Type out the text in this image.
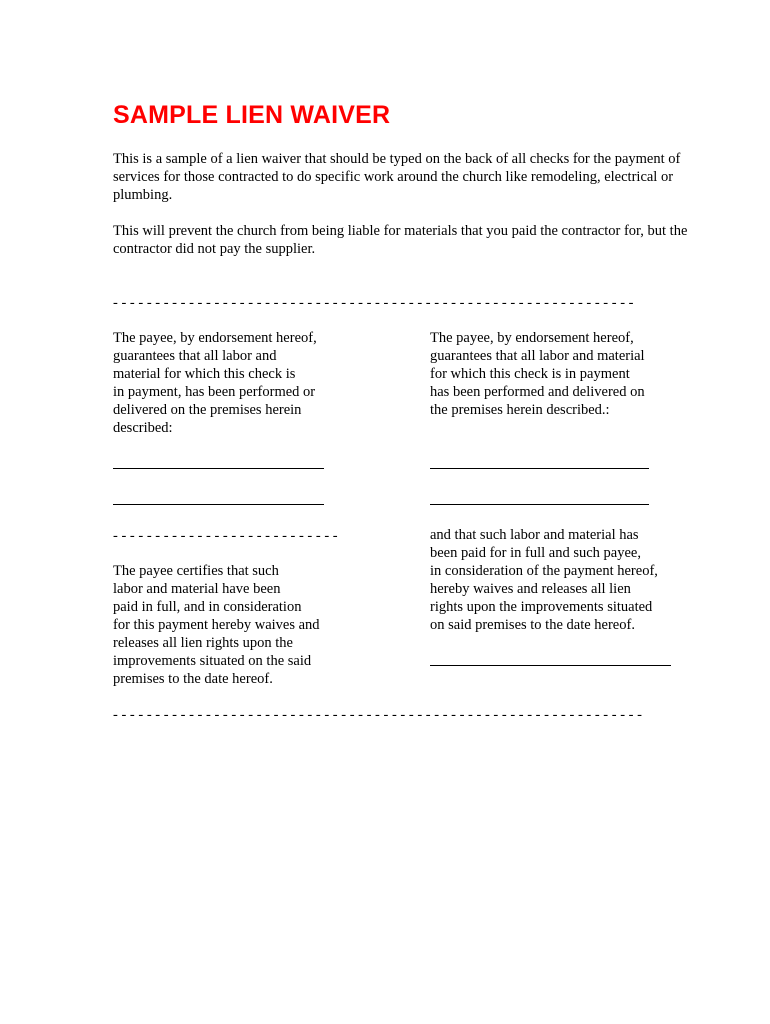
SAMPLE LIEN WAIVER

This is a sample of a lien waiver that should be typed on the back of all checks for the payment of services for those contracted to do specific work around the church like remodeling, electrical or plumbing.

This will prevent the church from being liable for materials that you paid the contractor for, but the contractor did not pay the supplier.

- - - - - - - - - - - - - - - - - - - - - - - - - - - - - - - - - - - - - - - - - - - - - - - - - - - - - - - - - - - - - -
The payee, by endorsement hereof,
guarantees that all labor and
material for which this check is
in payment, has been performed or
delivered on the premises herein
described:
The payee, by endorsement hereof,
guarantees that all labor and material
for which this check is in payment
has been performed and delivered on
the premises herein described.:
- - - - - - - - - - - - - - - - - - - - - - - - - - -
The payee certifies that such
labor and material have been
paid in full, and in consideration
for this payment hereby waives and
releases all lien rights upon the
improvements situated on the said
premises to the date hereof.
and that such labor and material has
been paid for in full and such payee,
in consideration of the payment hereof,
hereby waives and releases all lien
rights upon the improvements situated
on said premises to the date hereof.
- - - - - - - - - - - - - - - - - - - - - - - - - - - - - - - - - - - - - - - - - - - - - - - - - - - - - - - - - - - - - - -
